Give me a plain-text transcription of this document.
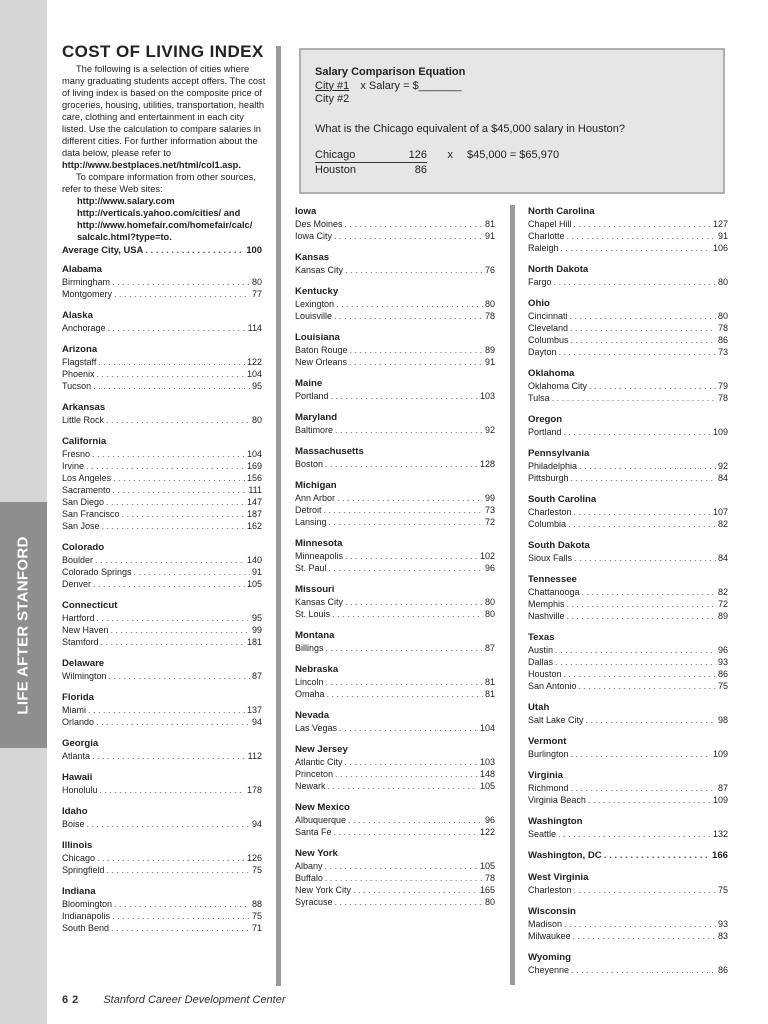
LIFE AFTER STANFORD
COST OF LIVING INDEX

The following is a selection of cities where many graduating students accept offers. The cost of living index is based on the composite price of groceries, housing, utilities, transportation, health care, clothing and entertainment in each city listed. Use the calculation to compare salaries in different cities. For further information about the data below, please refer to

http://www.bestplaces.net/html/col1.asp.

To compare information from other sources, refer to these Web sites:

http://www.salary.com
http://verticals.yahoo.com/cities/ and
http://www.homefair.com/homefair/calc/
salcalc.html?type=to.
Salary Comparison Equation
City #1 x Salary = $_______
City #2
What is the Chicago equivalent of a $45,000 salary in Houston?
Chicago	126	x	$45,000 = $65,970
Houston	86
Average City, USA . . .	100
Alabama
Birmingham . . .	80
Montgomery . . .	77
Alaska
Anchorage . . .	114
Arizona
Flagstaff . . .	122
Phoenix . . .	104
Tucson . . .	95
Arkansas
Little Rock . . .	80
California
Fresno . . .	104
Irvine . . .	169
Los Angeles . . .	156
Sacramento . . .	111
San Diego . . .	147
San Francisco . . .	187
San Jose . . .	162
Colorado
Boulder . . .	140
Colorado Springs . . .	91
Denver . . .	105
Connecticut
Hartford . . .	95
New Haven . . .	99
Stamford . . .	181
Delaware
Wilmington . . .	87
Florida
Miami . . .	137
Orlando . . .	94
Georgia
Atlanta . . .	112
Hawaii
Honolulu . . .	178
Idaho
Boise . . .	94
Illinois
Chicago . . .	126
Springfield . . .	75
Indiana
Bloomington . . .	88
Indianapolis . . .	75
South Bend . . .	71
Iowa
Des Moines . . .	81
Iowa City . . .	91
Kansas
Kansas City . . .	76
Kentucky
Lexington . . .	80
Louisville . . .	78
Louisiana
Baton Rouge . . .	89
New Orleans . . .	91
Maine
Portland . . .	103
Maryland
Baltimore . . .	92
Massachusetts
Boston . . .	128
Michigan
Ann Arbor . . .	99
Detroit . . .	73
Lansing . . .	72
Minnesota
Minneapolis . . .	102
St. Paul . . .	96
Missouri
Kansas City . . .	80
St. Louis . . .	80
Montana
Billings . . .	87
Nebraska
Lincoln . . .	81
Omaha . . .	81
Nevada
Las Vegas . . .	104
New Jersey
Atlantic City . . .	103
Princeton . . .	148
Newark . . .	105
New Mexico
Albuquerque . . .	96
Santa Fe . . .	122
New York
Albany . . .	105
Buffalo . . .	78
New York City . . .	165
Syracuse . . .	80
North Carolina
Chapel Hill . . .	127
Charlotte . . .	91
Raleigh . . .	106
North Dakota
Fargo . . .	80
Ohio
Cincinnati . . .	80
Cleveland . . .	78
Columbus . . .	86
Dayton . . .	73
Oklahoma
Oklahoma City . . .	79
Tulsa . . .	78
Oregon
Portland . . .	109
Pennsylvania
Philadelphia . . .	92
Pittsburgh . . .	84
South Carolina
Charleston . . .	107
Columbia . . .	82
South Dakota
Sioux Falls . . .	84
Tennessee
Chattanooga . . .	82
Memphis . . .	72
Nashville . . .	89
Texas
Austin . . .	96
Dallas . . .	93
Houston . . .	86
San Antonio . . .	75
Utah
Salt Lake City . . .	98
Vermont
Burlington . . .	109
Virginia
Richmond . . .	87
Virginia Beach . . .	109
Washington
Seattle . . .	132
Washington, DC . . .	166
West Virginia
Charleston . . .	75
Wisconsin
Madison . . .	93
Milwaukee . . .	83
Wyoming
Cheyenne . . .	86
62 Stanford Career Development Center
